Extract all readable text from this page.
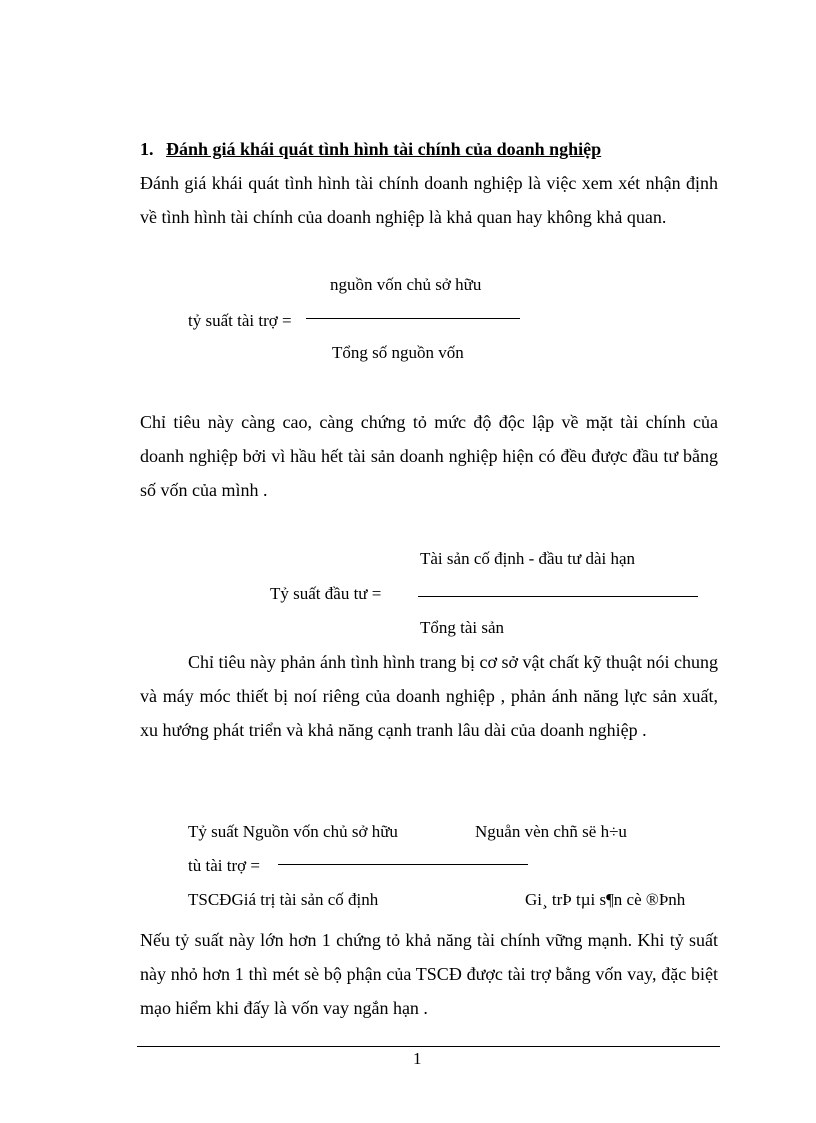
1. Đánh giá khái quát tình hình tài chính của doanh nghiệp
Đánh giá khái quát tình hình tài chính doanh nghiệp là việc xem xét nhận định về tình hình tài chính của doanh nghiệp là khả quan hay không khả quan.
nguồn vốn chủ sở hữu
tỷ suất tài trợ =
Tổng số nguồn vốn
Chỉ tiêu này càng cao, càng chứng tỏ mức độ độc lập về mặt tài chính của doanh nghiệp bởi vì hầu hết tài sản doanh nghiệp hiện có đều được đầu tư bằng số vốn của mình .
Tài sản cố định - đầu tư dài hạn
Tỷ suất đầu tư =
Tổng tài sản
Chỉ tiêu này phản ánh tình hình trang bị cơ sở vật chất kỹ thuật nói chung và máy móc thiết bị noí riêng của doanh nghiệp , phản ánh năng lực sản xuất, xu hướng phát triển và khả năng cạnh tranh lâu dài của doanh nghiệp .
Tỷ suất Nguồn vốn chủ sở hữu	Nguån vèn chñ së h÷u
tù tài trợ =
TSCĐGiá trị tài sản cố định	Gi¸ trÞ tµi s¶n cè ®Þnh
Nếu tỷ suất này lớn hơn 1 chứng tỏ khả năng tài chính vững mạnh. Khi tỷ suất này nhỏ hơn 1 thì mét sè bộ phận của TSCĐ được tài trợ bằng vốn vay, đặc biệt mạo hiểm khi đấy là vốn vay ngắn hạn .
1
